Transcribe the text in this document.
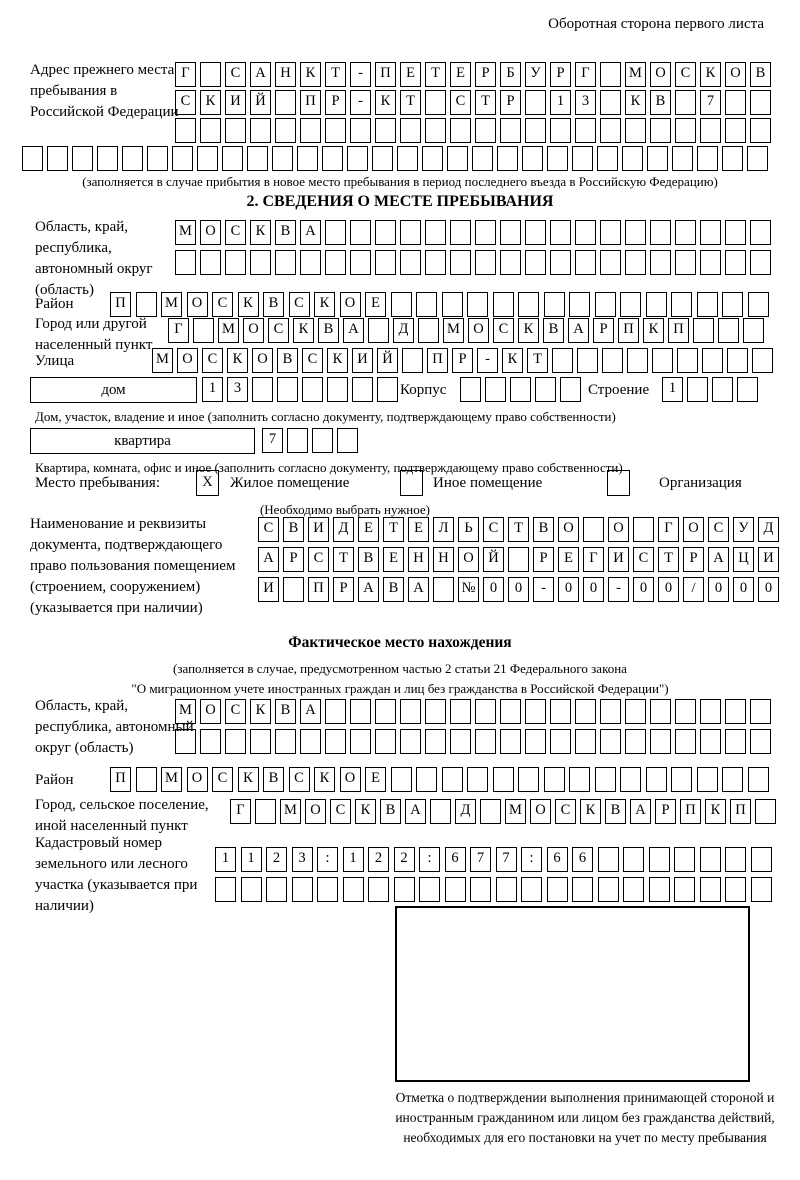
Оборотная сторона первого листа
Адрес прежнего места пребывания в Российской Федерации
Г	С	А	Н	К	Т	-	П	Е	Т	Е	Р	Б	У	Р	Г	М О	С	К	О	В
С	К	И	Й	П	Р	-	К	Т	С	Т	Р	1	3	К	В	7
(заполняется в случае прибытия в новое место пребывания в период последнего въезда в Российскую Федерацию)
2. СВЕДЕНИЯ О МЕСТЕ ПРЕБЫВАНИЯ
Область, край, республика, автономный округ (область)
М О	С	К	В	А
Район	П	М О	С	К	В	С	К	О	Е
Город или другой населенный пункт
Г	М О	С	К	В	А	Д	М О	С	К	В	А	Р	П	К	П
Улица	М О	С	К	О	В	С	К	И	Й	П	Р	-	К	Т
дом	1	3	Корпус	Строение	1
Дом, участок, владение и иное (заполнить согласно документу, подтверждающему право собственности)
квартира	7
Квартира, комната, офис и иное (заполнить согласно документу, подтверждающему право собственности)
Место пребывания:	X	Жилое помещение	Иное помещение	Организация
(Необходимо выбрать нужное)
Наименование и реквизиты документа, подтверждающего право пользования помещением (строением, сооружением) (указывается при наличии)
С	В	И	Д	Е	Т	Е	Л	Ь	С	Т	В	О	О	Г	О	С	У	Д
А	Р	С	Т	В	Е	Н	Н	О	Й	Р	Е	Г	И	С	Т	Р	А	Ц	И
И	П	Р	А	В	А	№ 0	0	-	0	0	-	0	0	/	0	0	0
Фактическое место нахождения
(заполняется в случае, предусмотренном частью 2 статьи 21 Федерального закона
"О миграционном учете иностранных граждан и лиц без гражданства в Российской Федерации")
Область, край, республика, автономный округ (область)
М О	С	К	В	А
Район	П	М О	С	К	В	С	К	О	Е
Город, сельское поселение, иной населенный пункт
Г	М О	С	К	В	А	Д	М О	С	К	В	А	Р	П	К	П
Кадастровый номер земельного или лесного участка (указывается при наличии)
1	1	2	3	:	1	2	2	:	6	7	7	:	6	6
Отметка о подтверждении выполнения принимающей стороной и иностранным гражданином или лицом без гражданства действий, необходимых для его постановки на учет по месту пребывания
